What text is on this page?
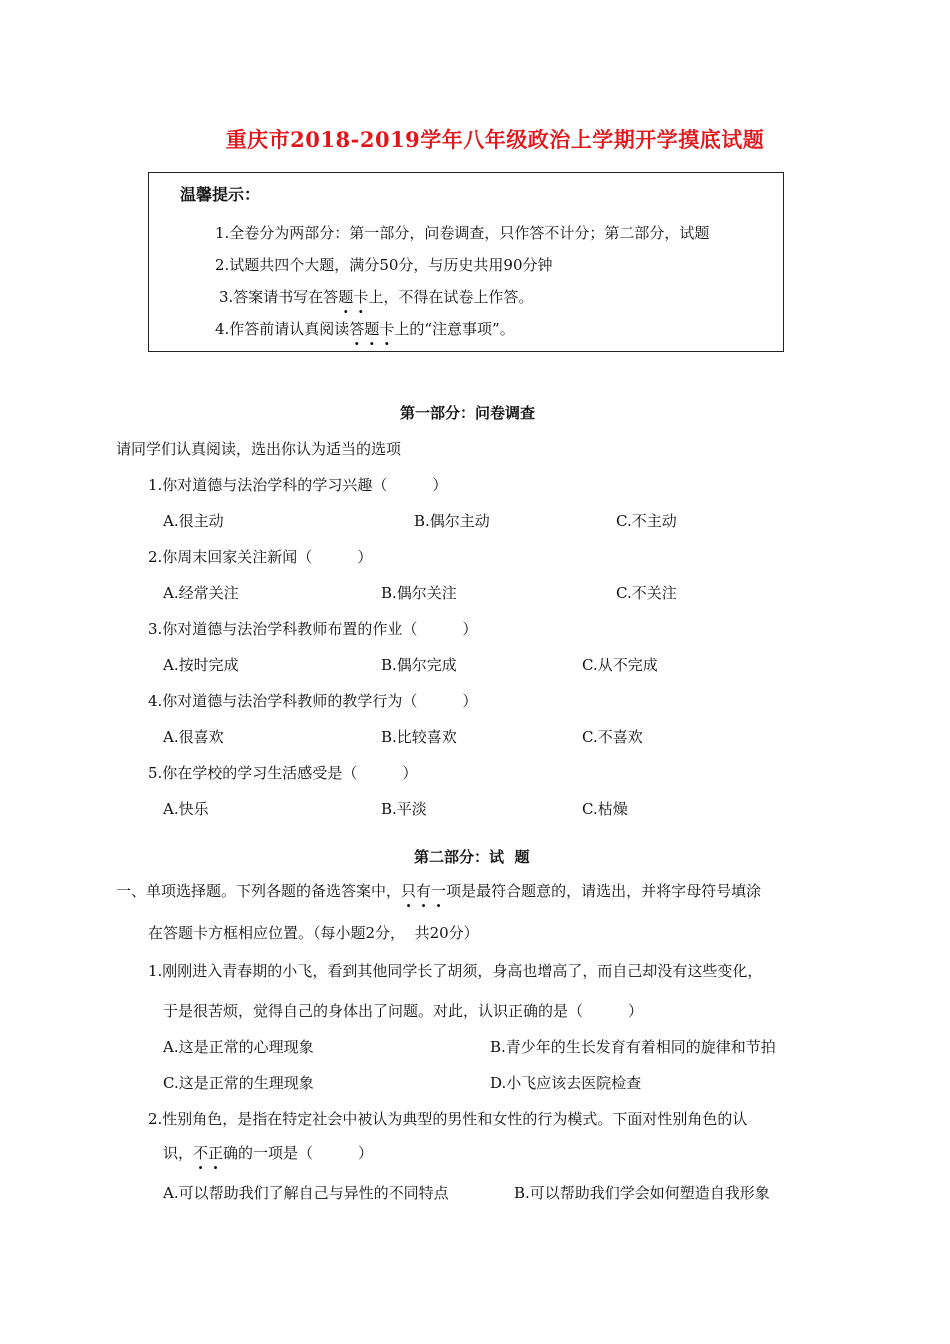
重庆市2018-2019学年八年级政治上学期开学摸底试题
温馨提示：
1.全卷分为两部分：第一部分，问卷调查，只作答不计分；第二部分，试题
2.试题共四个大题，满分50分，与历史共用90分钟
3.答案请书写在答题卡上，不得在试卷上作答。
4.作答前请认真阅读答题卡上的“注意事项”。
第一部分：问卷调查
请同学们认真阅读，选出你认为适当的选项
1.你对道德与法治学科的学习兴趣（　　　）
A.很主动	B.偶尔主动	C.不主动
2.你周末回家关注新闻（　　　）
A.经常关注	B.偶尔关注	C.不关注
3.你对道德与法治学科教师布置的作业（　　　）
A.按时完成	B.偶尔完成	C.从不完成
4.你对道德与法治学科教师的教学行为（　　　）
A.很喜欢	B.比较喜欢	C.不喜欢
5.你在学校的学习生活感受是（　　　）
A.快乐	B.平淡	C.枯燥
第二部分：试  题
一、单项选择题。下列各题的备选答案中，只有一项是最符合题意的，请选出，并将字母符号填涂
在答题卡方框相应位置。（每小题2分，  共20分）
1.刚刚进入青春期的小飞，看到其他同学长了胡须，身高也增高了，而自己却没有这些变化，
于是很苦烦，觉得自己的身体出了问题。对此，认识正确的是（　　　）
A.这是正常的心理现象	B.青少年的生长发育有着相同的旋律和节拍
C.这是正常的生理现象	D.小飞应该去医院检查
2.性别角色，是指在特定社会中被认为典型的男性和女性的行为模式。下面对性别角色的认
识，不正确的一项是（　　　）
A.可以帮助我们了解自己与异性的不同特点	B.可以帮助我们学会如何塑造自我形象
